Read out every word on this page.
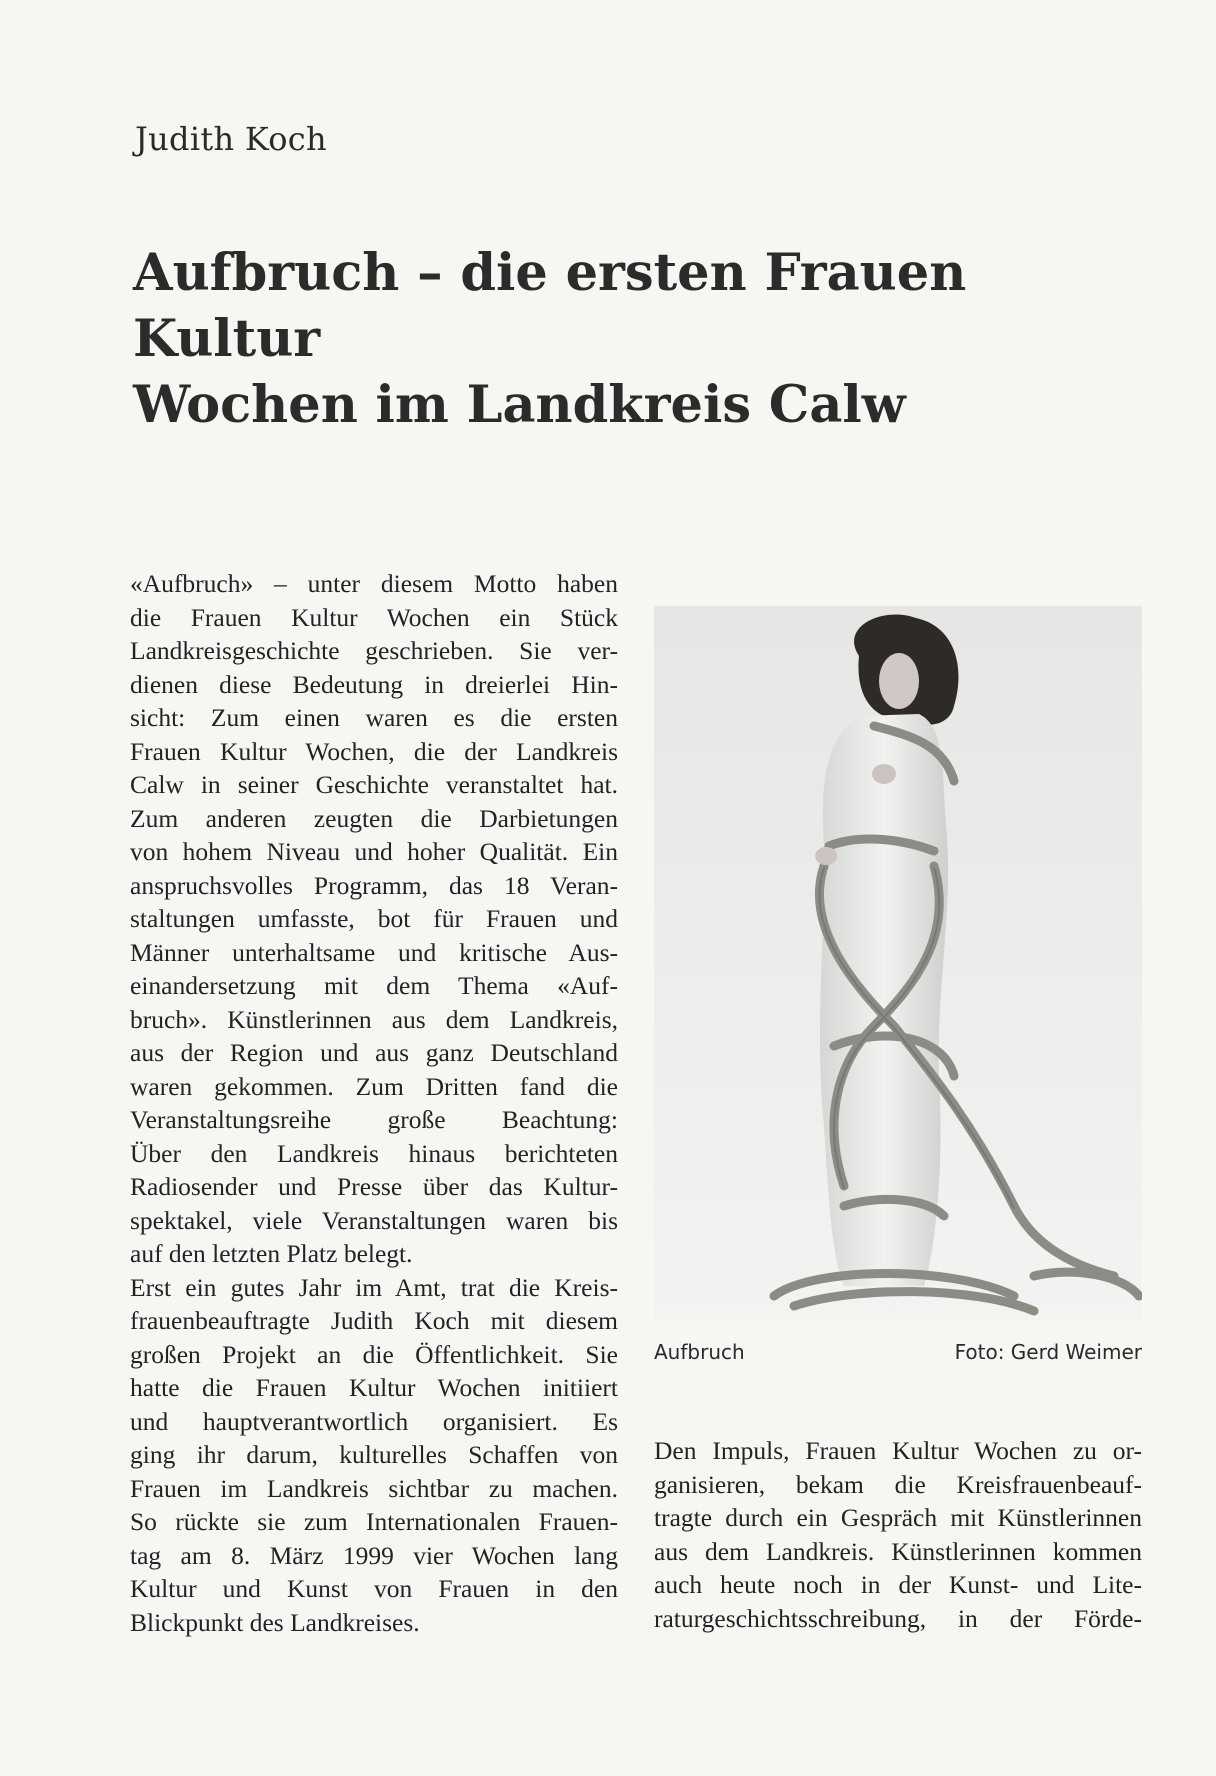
Judith Koch
Aufbruch – die ersten Frauen Kultur
Wochen im Landkreis Calw
«Aufbruch» – unter diesem Motto haben
die Frauen Kultur Wochen ein Stück
Landkreisgeschichte geschrieben. Sie ver-
dienen diese Bedeutung in dreierlei Hin-
sicht: Zum einen waren es die ersten
Frauen Kultur Wochen, die der Landkreis
Calw in seiner Geschichte veranstaltet hat.
Zum anderen zeugten die Darbietungen
von hohem Niveau und hoher Qualität. Ein
anspruchsvolles Programm, das 18 Veran-
staltungen umfasste, bot für Frauen und
Männer unterhaltsame und kritische Aus-
einandersetzung mit dem Thema «Auf-
bruch». Künstlerinnen aus dem Landkreis,
aus der Region und aus ganz Deutschland
waren gekommen. Zum Dritten fand die
Veranstaltungsreihe große Beachtung:
Über den Landkreis hinaus berichteten
Radiosender und Presse über das Kultur-
spektakel, viele Veranstaltungen waren bis
auf den letzten Platz belegt.
Erst ein gutes Jahr im Amt, trat die Kreis-
frauenbeauftragte Judith Koch mit diesem
großen Projekt an die Öffentlichkeit. Sie
hatte die Frauen Kultur Wochen initiiert
und hauptverantwortlich organisiert. Es
ging ihr darum, kulturelles Schaffen von
Frauen im Landkreis sichtbar zu machen.
So rückte sie zum Internationalen Frauen-
tag am 8. März 1999 vier Wochen lang
Kultur und Kunst von Frauen in den
Blickpunkt des Landkreises.
Aufbruch	Foto: Gerd Weimer
Den Impuls, Frauen Kultur Wochen zu or-
ganisieren, bekam die Kreisfrauenbeauf-
tragte durch ein Gespräch mit Künstlerinnen
aus dem Landkreis. Künstlerinnen kommen
auch heute noch in der Kunst- und Lite-
raturgeschichtsschreibung, in der Förde-
